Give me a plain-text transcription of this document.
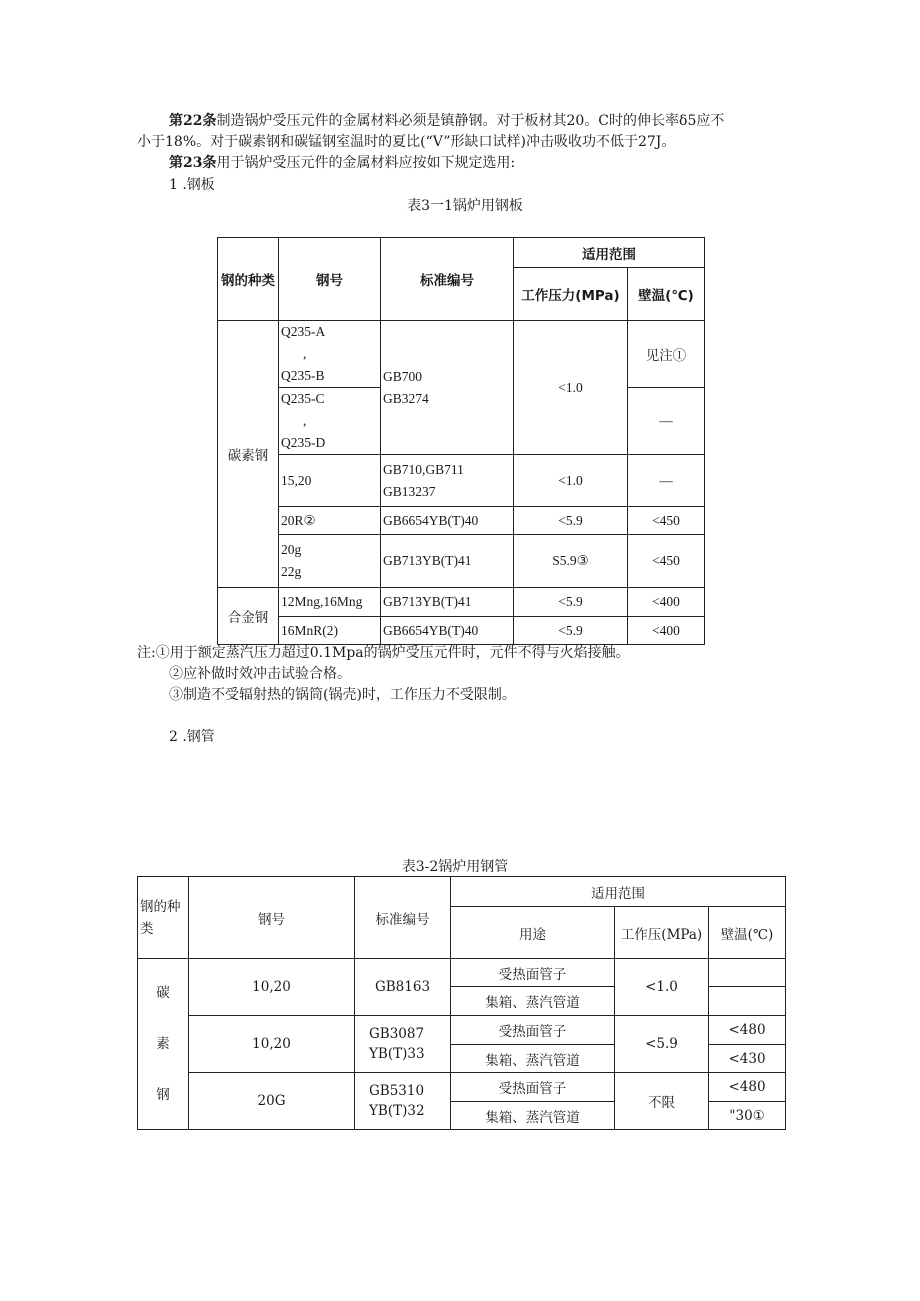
第22条制造锅炉受压元件的金属材料必须是镇静钢。对于板材其20。C时的伸长率δ5应不
小于18%。对于碳素钢和碳锰钢室温时的夏比(“V”形缺口试样)冲击吸收功不低于27J。
第23条用于锅炉受压元件的金属材料应按如下规定选用:
1 .钢板
表3一1锅炉用钢板
钢的种类	钢号	标准编号	适用范围	
			工作压力(MPa)	壁温(℃)
碳素钢	Q235-A
,
Q235-B	GB700
GB3274	<1.0	见注①

	Q235-C
,
Q235-D			—
	15,20	GB710,GB711
GB13237	<1.0	—
	20R②	GB6654YB(T)40	<5.9	<450

	20g
22g	GB713YB(T)41	S5.9③	<450

合金钢	12Mng,16Mng	GB713YB(T)41	<5.9	<400
	16MnR(2)	GB6654YB(T)40	<5.9	<400
注:①用于额定蒸汽压力超过0.1Mpa的锅炉受压元件时，元件不得与火焰接触。
②应补做时效冲击试验合格。
③制造不受辐射热的锅筒(锅壳)时，工作压力不受限制。
2 .钢管
表3-2锅炉用钢管
钢的种类	钢号	标准编号	适用范围		
			用途	工作压(MPa)	壁温(℃)

碳
素
钢	10,20	GB8163	受热面管子	<1.0	
			集箱、蒸汽管道		
	10,20	GB3087
YB(T)33	受热面管子	<5.9	<480
			集箱、蒸汽管道		<430
	20G	GB5310
YB(T)32	受热面管子	不限	<480
			集箱、蒸汽管道		"30①
